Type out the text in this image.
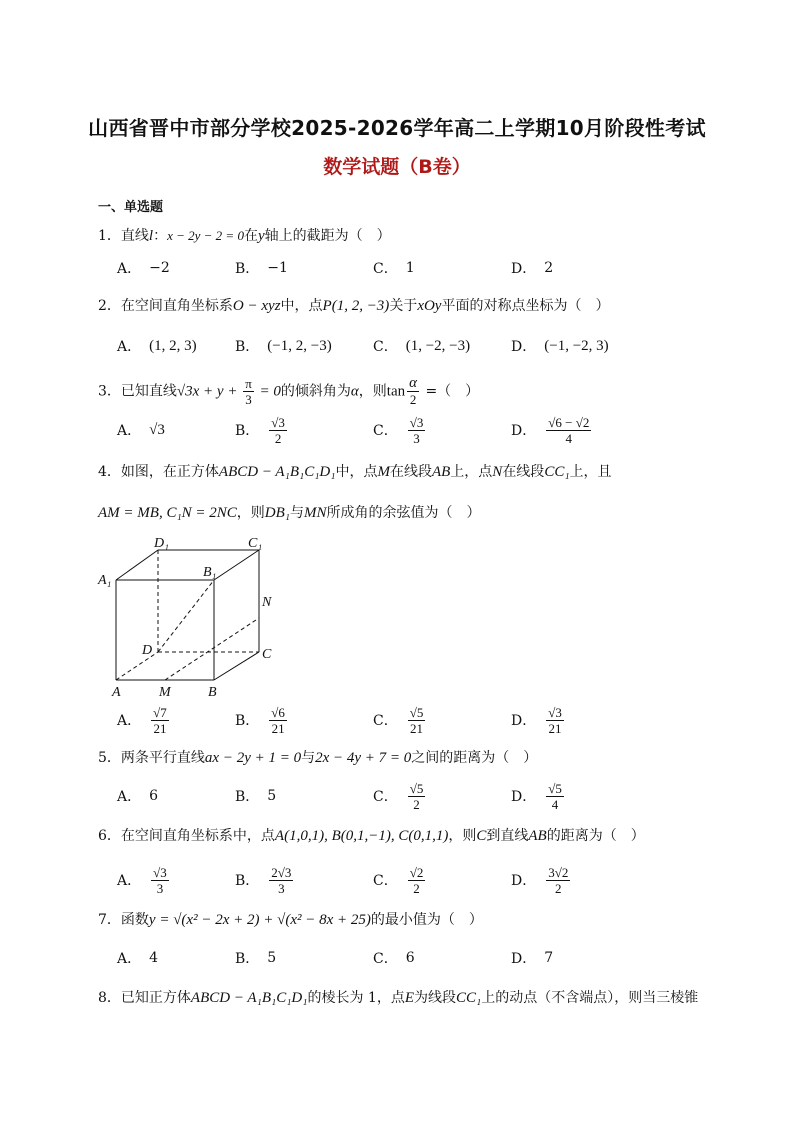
山西省晋中市部分学校2025-2026学年高二上学期10月阶段性考试
数学试题（B卷）
一、单选题
1．直线l：x − 2y − 2 = 0在y轴上的截距为（　）
A． −2	B． −1	C． 1	D． 2
2．在空间直角坐标系O − xyz中，点P(1, 2, −3)关于xOy平面的对称点坐标为（　）
A． (1, 2, 3)	B． (−1, 2, −3)	C． (1, −2, −3)	D． (−1, −2, 3)
3．已知直线$√3x + y + \frac{\pi}{3} = 0$的倾斜角为α，则$\tan \frac{\alpha}{2}$ =（　）
A． √3	B． $\frac{√3}{2}$	C． $\frac{√3}{3}$	D． $\frac{√6 - √2}{4}$
4．如图，在正方体ABCD − A₁B₁C₁D₁中，点M在线段AB上，点N在线段CC₁上，且
AM = MB, C₁N = 2NC，则DB₁与MN所成角的余弦值为（　）
D₁	C₁
A₁
B₁
N
D	C
A	M	B
A． $\frac{√7}{21}$	B． $\frac{√6}{21}$	C． $\frac{√5}{21}$	D． $\frac{√3}{21}$
5．两条平行直线ax − 2y + 1 = 0与2x − 4y + 7 = 0之间的距离为（　）
A． 6	B． 5	C． $\frac{√5}{2}$	D． $\frac{√5}{4}$
6．在空间直角坐标系中，点A(1,0,1), B(0,1,−1), C(0,1,1)，则C到直线AB的距离为（　）
A． $\frac{√3}{3}$	B． $\frac{2√3}{3}$	C． $\frac{√2}{2}$	D． $\frac{3√2}{2}$
7．函数y = √(x² − 2x + 2) + √(x² − 8x + 25)的最小值为（　）
A． 4	B． 5	C． 6	D． 7
8．已知正方体ABCD − A₁B₁C₁D₁的棱长为 1，点E为线段CC₁上的动点（不含端点），则当三棱锥
